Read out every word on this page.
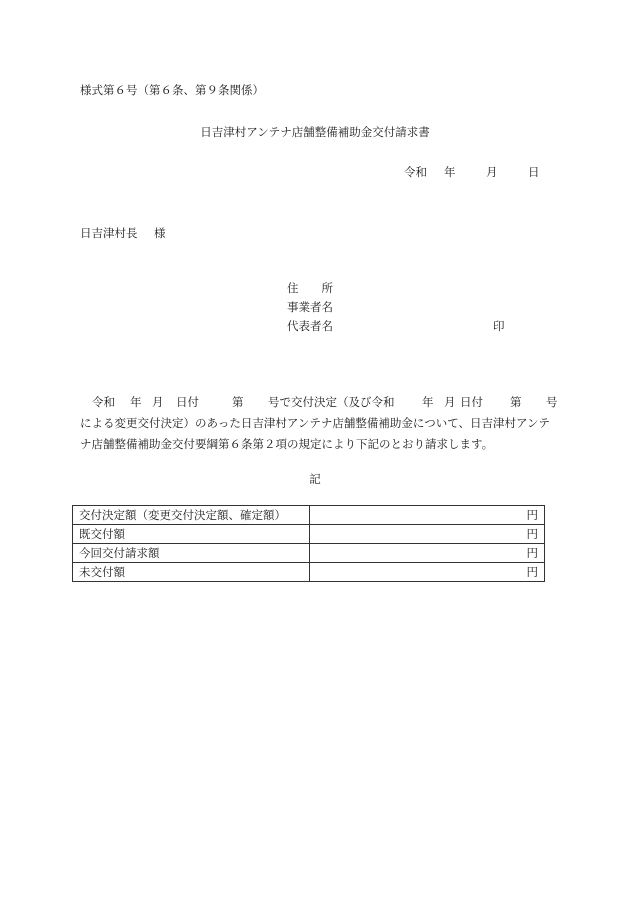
様式第６号（第６条、第９条関係）
日吉津村アンテナ店舗整備補助金交付請求書
令和 年	月	日
日吉津村長 様
住　　所
事業者名
代表者名	印

令和 年 月 日付	第 号で交付決定（及び令和 年 月 日付 第 号

による変更交付決定）のあった日吉津村アンテナ店舗整備補助金について、日吉津村アンテ

ナ店舗整備補助金交付要綱第６条第２項の規定により下記のとおり請求します。

記
交付決定額（変更交付決定額、確定額）	円
既交付額	円
今回交付請求額	円
未交付額	円
